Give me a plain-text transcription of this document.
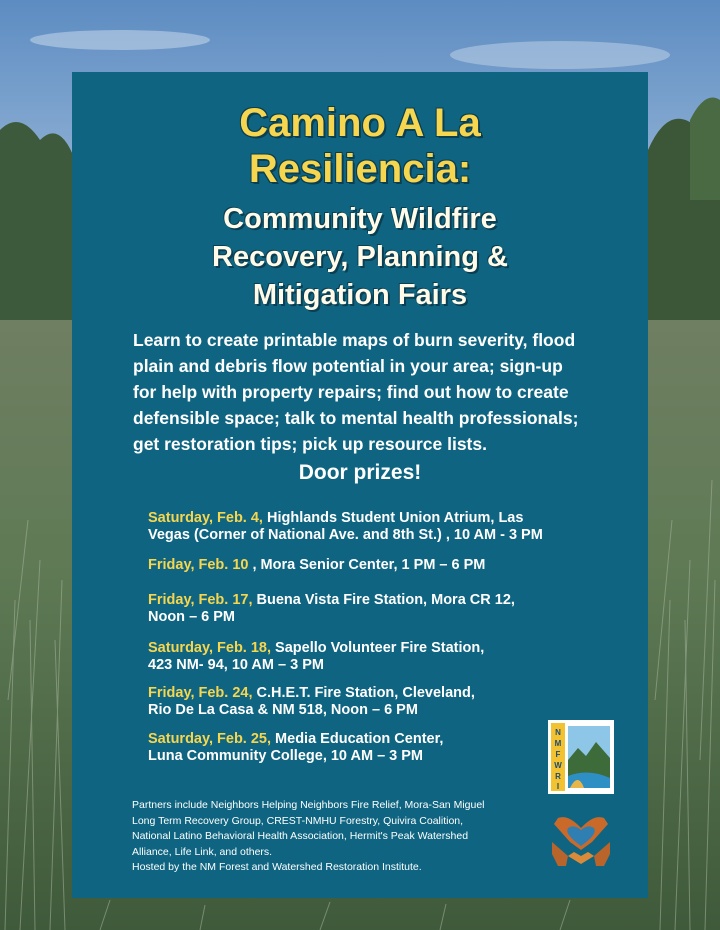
Camino A La
Resiliencia:
Community Wildfire
Recovery, Planning &
Mitigation Fairs
Learn to create printable maps of burn severity, flood
plain and debris flow potential in your area; sign-up
for help with property repairs; find out how to create
defensible space; talk to mental health professionals;
get restoration tips; pick up resource lists.
Door prizes!
Saturday, Feb. 4, Highlands Student Union Atrium, Las
Vegas (Corner of National Ave. and 8th St.) , 10 AM - 3 PM
Friday, Feb. 10 , Mora Senior Center, 1 PM – 6 PM
Friday, Feb. 17, Buena Vista Fire Station, Mora CR 12,
Noon – 6 PM
Saturday, Feb. 18, Sapello Volunteer Fire Station,
423 NM- 94, 10 AM – 3 PM
Friday, Feb. 24, C.H.E.T. Fire Station, Cleveland,
Rio De La Casa & NM 518, Noon – 6 PM
Saturday, Feb. 25, Media Education Center,
Luna Community College, 10 AM – 3 PM
Partners include Neighbors Helping Neighbors Fire Relief, Mora-San Miguel
Long Term Recovery Group, CREST-NMHU Forestry, Quivira Coalition,
National Latino Behavioral Health Association, Hermit's Peak Watershed
Alliance, Life Link, and others.
Hosted by the NM Forest and Watershed Restoration Institute.
N
M
F
W
R
I
